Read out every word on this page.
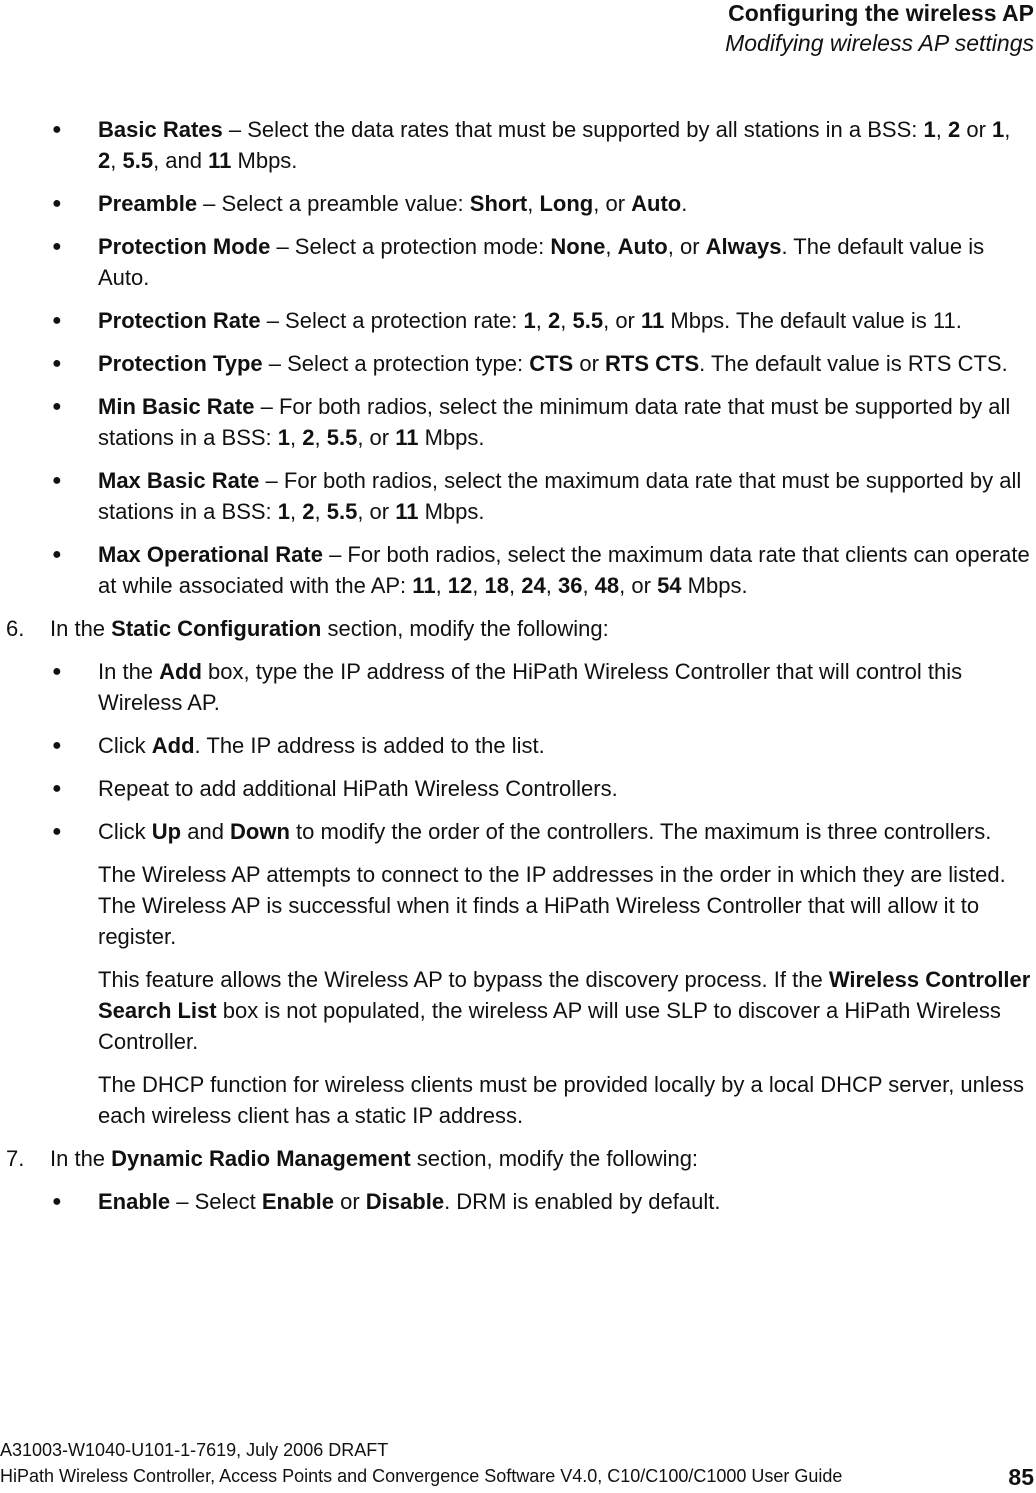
Configuring the wireless AP
Modifying wireless AP settings
● Basic Rates – Select the data rates that must be supported by all stations in a BSS: 1, 2 or 1, 2, 5.5, and 11 Mbps.
● Preamble – Select a preamble value: Short, Long, or Auto.
● Protection Mode – Select a protection mode: None, Auto, or Always. The default value is Auto.
● Protection Rate – Select a protection rate: 1, 2, 5.5, or 11 Mbps. The default value is 11.
● Protection Type – Select a protection type: CTS or RTS CTS. The default value is RTS CTS.
● Min Basic Rate – For both radios, select the minimum data rate that must be supported by all stations in a BSS: 1, 2, 5.5, or 11 Mbps.
● Max Basic Rate – For both radios, select the maximum data rate that must be supported by all stations in a BSS: 1, 2, 5.5, or 11 Mbps.
● Max Operational Rate – For both radios, select the maximum data rate that clients can operate at while associated with the AP: 11, 12, 18, 24, 36, 48, or 54 Mbps.
6. In the Static Configuration section, modify the following:
● In the Add box, type the IP address of the HiPath Wireless Controller that will control this Wireless AP.
● Click Add. The IP address is added to the list.
● Repeat to add additional HiPath Wireless Controllers.
● Click Up and Down to modify the order of the controllers. The maximum is three controllers.
The Wireless AP attempts to connect to the IP addresses in the order in which they are listed. The Wireless AP is successful when it finds a HiPath Wireless Controller that will allow it to register.
This feature allows the Wireless AP to bypass the discovery process. If the Wireless Controller Search List box is not populated, the wireless AP will use SLP to discover a HiPath Wireless Controller.
The DHCP function for wireless clients must be provided locally by a local DHCP server, unless each wireless client has a static IP address.
7. In the Dynamic Radio Management section, modify the following:
● Enable – Select Enable or Disable. DRM is enabled by default.
A31003-W1040-U101-1-7619, July 2006 DRAFT
HiPath Wireless Controller, Access Points and Convergence Software V4.0, C10/C100/C1000 User Guide	85
